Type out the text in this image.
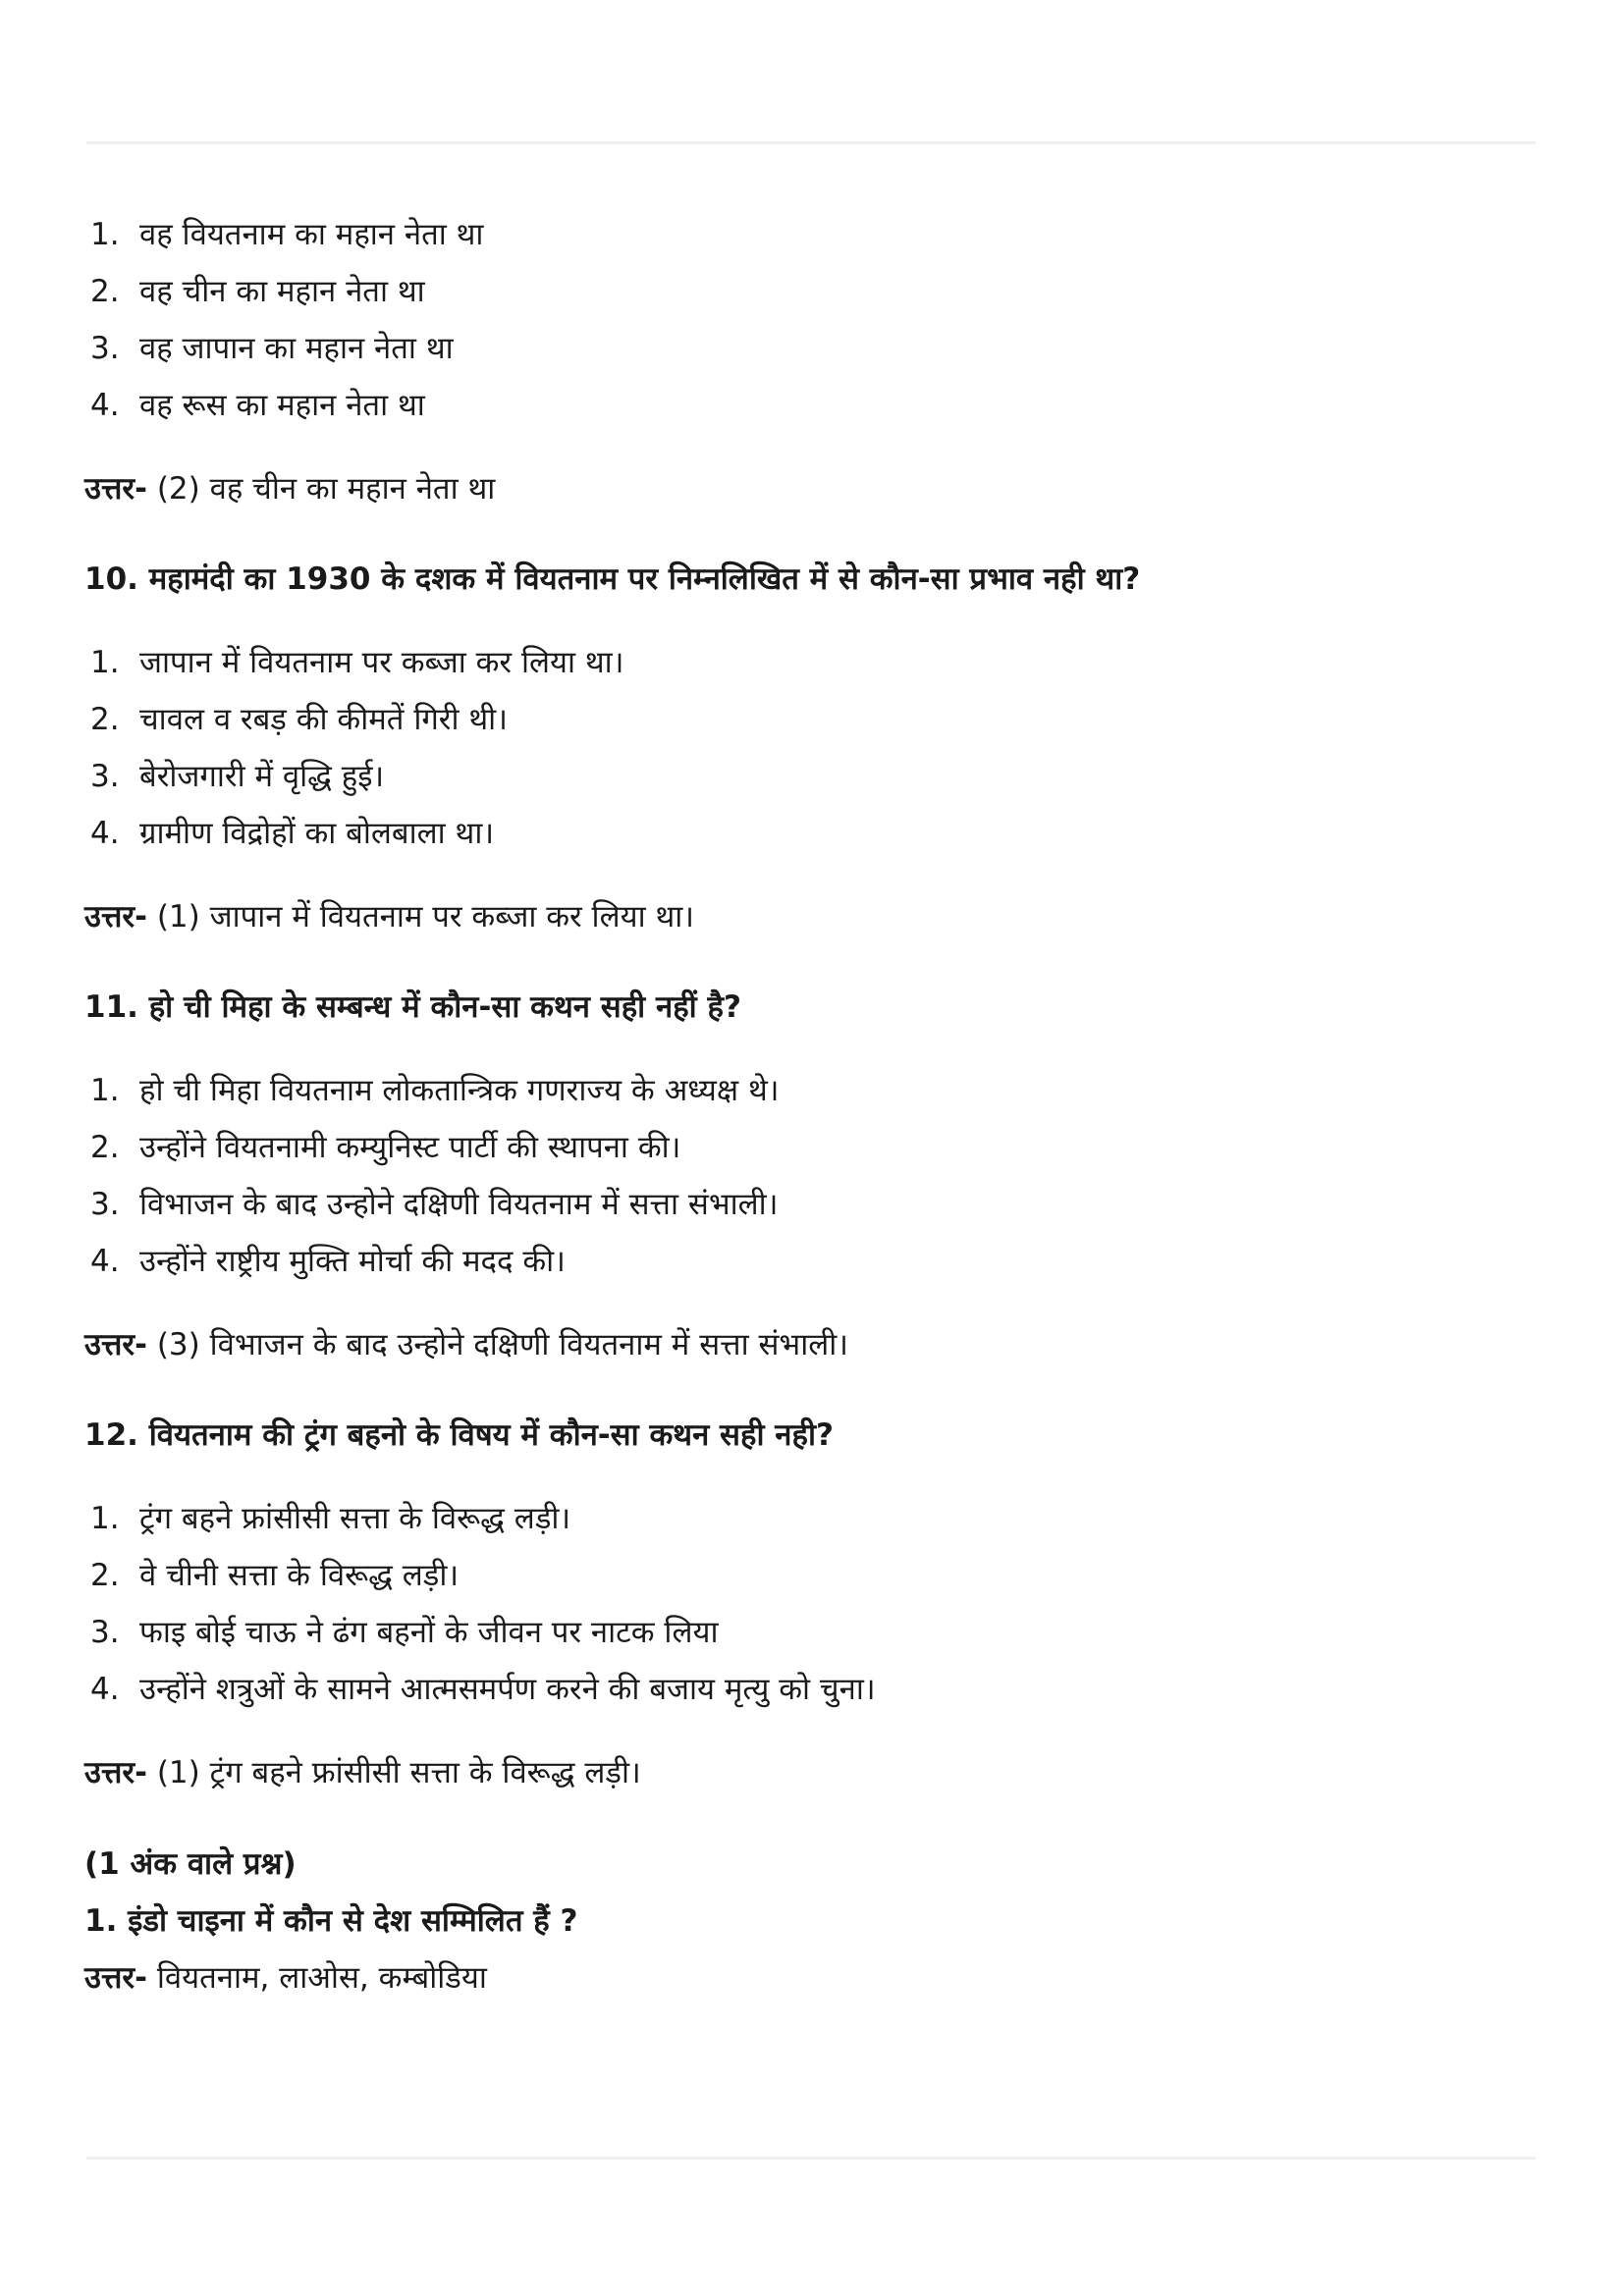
1. वह वियतनाम का महान नेता था
2. वह चीन का महान नेता था
3. वह जापान का महान नेता था
4. वह रूस का महान नेता था
उत्तर- (2) वह चीन का महान नेता था
10. महामंदी का 1930 के दशक में वियतनाम पर निम्नलिखित में से कौन-सा प्रभाव नही था?
1. जापान में वियतनाम पर कब्जा कर लिया था।
2. चावल व रबड़ की कीमतें गिरी थी।
3. बेरोजगारी में वृद्धि हुई।
4. ग्रामीण विद्रोहों का बोलबाला था।
उत्तर- (1) जापान में वियतनाम पर कब्जा कर लिया था।
11. हो ची मिहा के सम्बन्ध में कौन-सा कथन सही नहीं है?
1. हो ची मिहा वियतनाम लोकतान्त्रिक गणराज्य के अध्यक्ष थे।
2. उन्होंने वियतनामी कम्युनिस्ट पार्टी की स्थापना की।
3. विभाजन के बाद उन्होने दक्षिणी वियतनाम में सत्ता संभाली।
4. उन्होंने राष्ट्रीय मुक्ति मोर्चा की मदद की।
उत्तर- (3) विभाजन के बाद उन्होने दक्षिणी वियतनाम में सत्ता संभाली।
12. वियतनाम की ट्रंग बहनो के विषय में कौन-सा कथन सही नही?
1. ट्रंग बहने फ्रांसीसी सत्ता के विरूद्ध लड़ी।
2. वे चीनी सत्ता के विरूद्ध लड़ी।
3. फाइ बोई चाऊ ने ढंग बहनों के जीवन पर नाटक लिया
4. उन्होंने शत्रुओं के सामने आत्मसमर्पण करने की बजाय मृत्यु को चुना।
उत्तर- (1) ट्रंग बहने फ्रांसीसी सत्ता के विरूद्ध लड़ी।
(1 अंक वाले प्रश्न)
1. इंडो चाइना में कौन से देश सम्मिलित हैं ?
उत्तर- वियतनाम, लाओस, कम्बोडिया
